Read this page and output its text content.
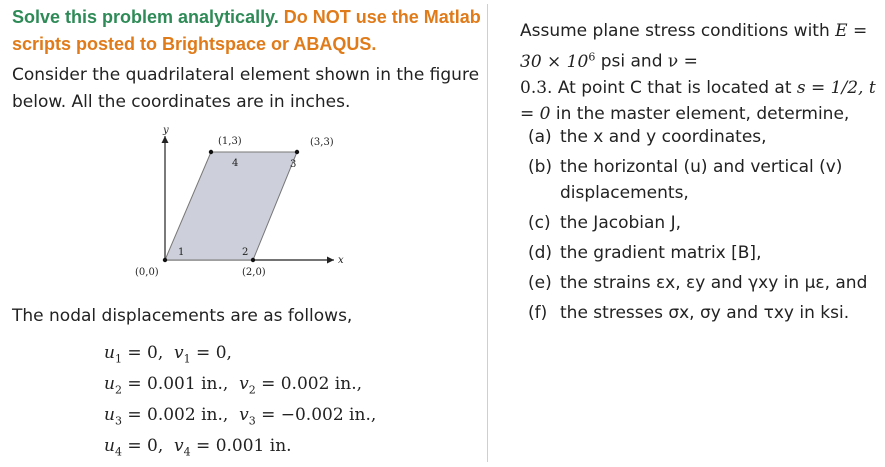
Solve this problem analytically. Do NOT use the Matlab scripts posted to Brightspace or ABAQUS.
Consider the quadrilateral element shown in the figure below. All the coordinates are in inches.
y
x
1	2
3
4
(0,0)	(2,0)
(3,3)
(1,3)
The nodal displacements are as follows,
$u_1 = 0$,  $v_1 = 0$,
$u_2 = 0.001$ in.,  $v_2 = 0.002$ in.,
$u_3 = 0.002$ in.,  $v_3 = -0.002$ in.,
$u_4 = 0$,  $v_4 = 0.001$ in.
Assume plane stress conditions with $E = 30 \times 10^6$ psi and ν = 0.3. At point C that is located at s = 1/2, t = 0 in the master element, determine,
(a) the x and y coordinates,
(b) the horizontal (u) and vertical (v) displacements,
(c) the Jacobian J,
(d) the gradient matrix [B],
(e) the strains εx, εy and γxy in με, and
(f) the stresses σx, σy and τxy in ksi.
